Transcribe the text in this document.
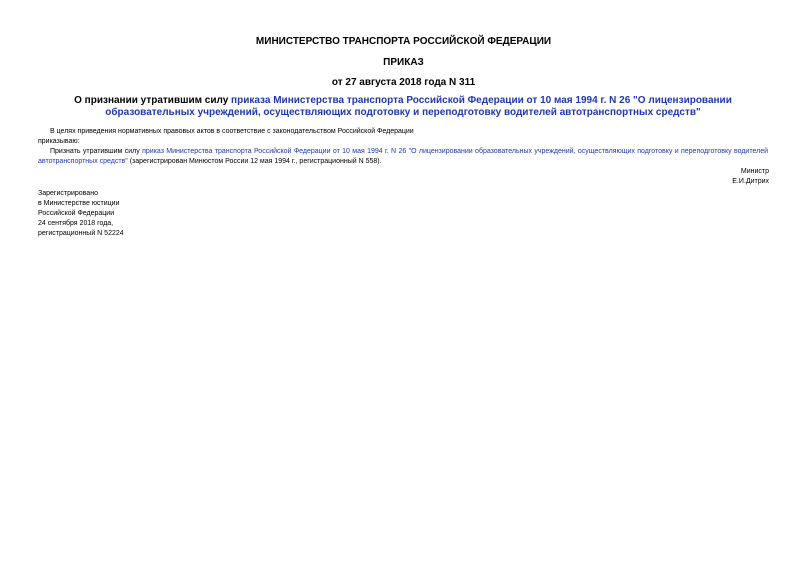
МИНИСТЕРСТВО ТРАНСПОРТА РОССИЙСКОЙ ФЕДЕРАЦИИ
ПРИКАЗ
от 27 августа 2018 года N 311
О признании утратившим силу приказа Министерства транспорта Российской Федерации от 10 мая 1994 г. N 26 "О лицензировании образовательных учреждений, осуществляющих подготовку и переподготовку водителей автотранспортных средств"
В целях приведения нормативных правовых актов в соответствие с законодательством Российской Федерации
приказываю:
Признать утратившим силу приказ Министерства транспорта Российской Федерации от 10 мая 1994 г. N 26 "О лицензировании образовательных учреждений, осуществляющих подготовку и переподготовку водителей автотранспортных средств" (зарегистрирован Минюстом России 12 мая 1994 г., регистрационный N 558).
Министр
Е.И.Дитрих
Зарегистрировано
в Министерстве юстиции
Российской Федерации
24 сентября 2018 года,
регистрационный N 52224
